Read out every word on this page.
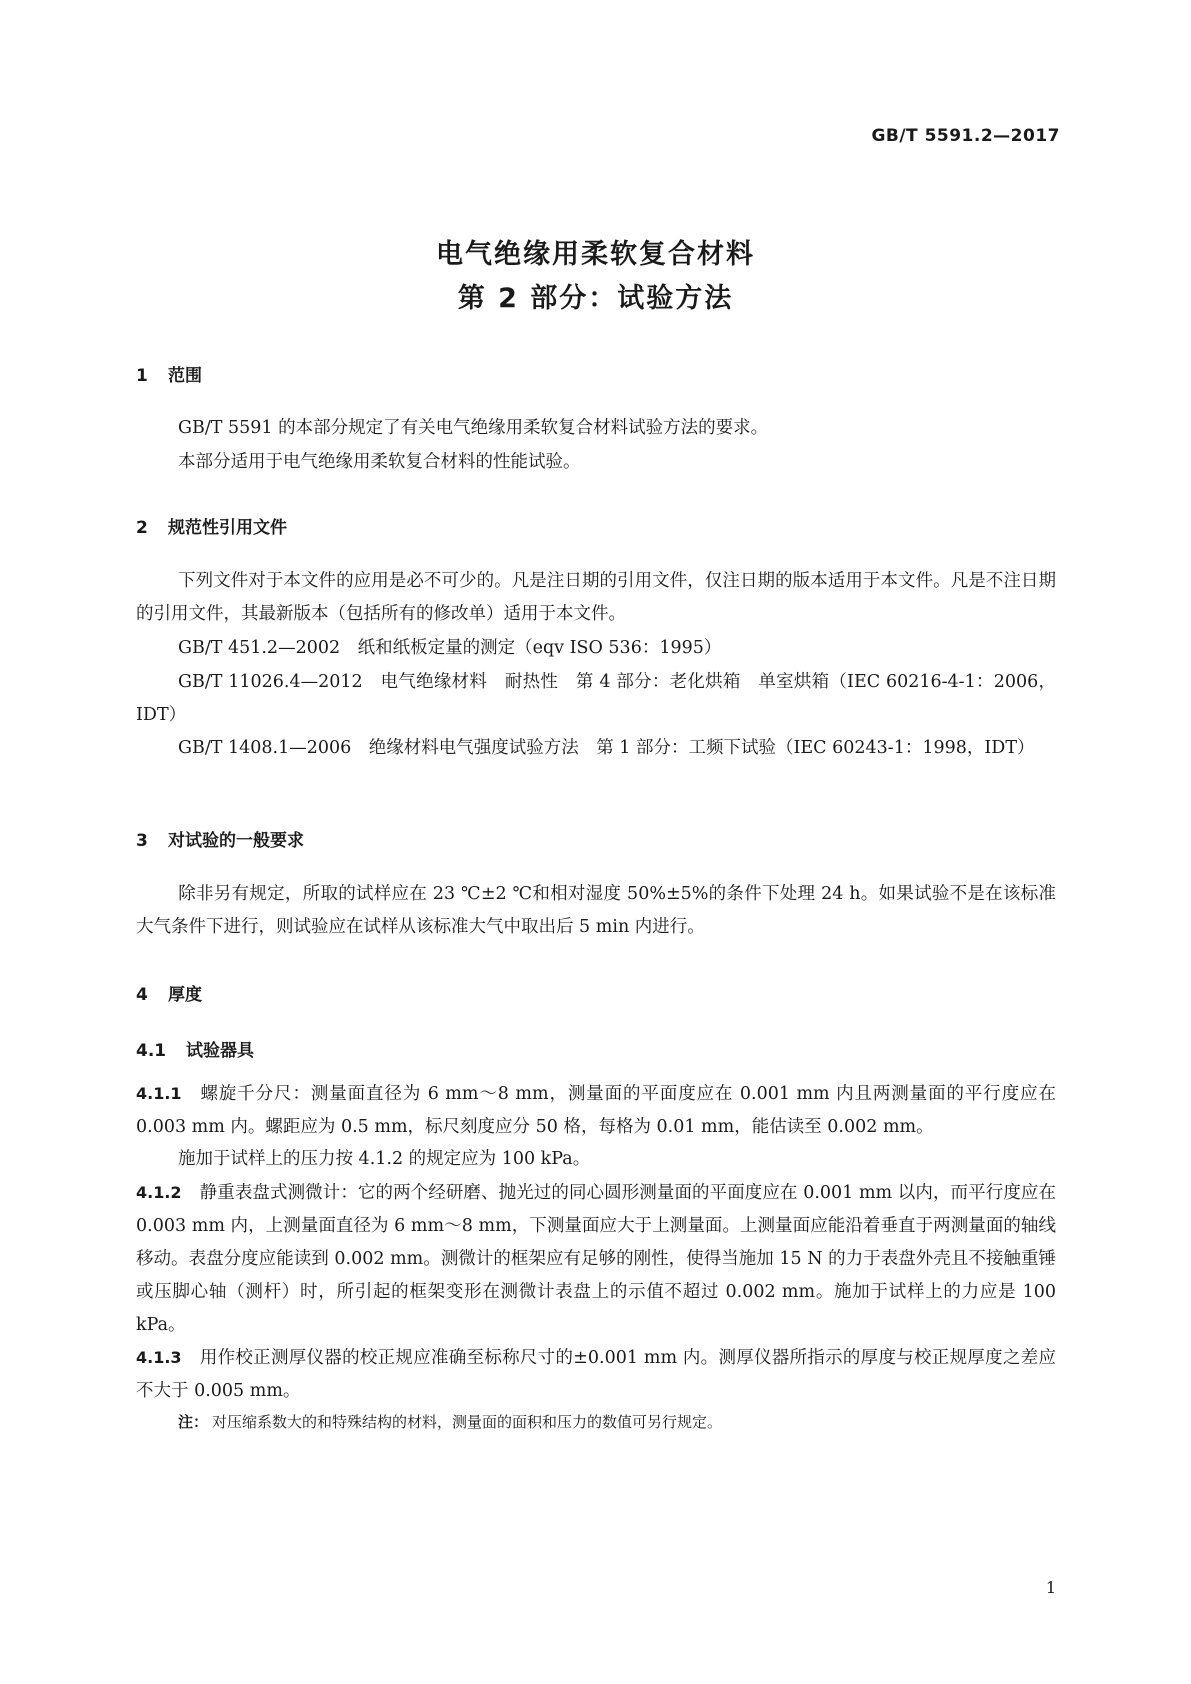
GB/T 5591.2—2017
电气绝缘用柔软复合材料
第 2 部分：试验方法
1 范围
GB/T 5591 的本部分规定了有关电气绝缘用柔软复合材料试验方法的要求。
本部分适用于电气绝缘用柔软复合材料的性能试验。
2 规范性引用文件
下列文件对于本文件的应用是必不可少的。凡是注日期的引用文件，仅注日期的版本适用于本文件。凡是不注日期的引用文件，其最新版本（包括所有的修改单）适用于本文件。
GB/T 451.2—2002　纸和纸板定量的测定（eqv ISO 536：1995）
GB/T 11026.4—2012　电气绝缘材料　耐热性　第 4 部分：老化烘箱　单室烘箱（IEC 60216-4-1：2006，IDT）
GB/T 1408.1—2006　绝缘材料电气强度试验方法　第 1 部分：工频下试验（IEC 60243-1：1998，IDT）
3 对试验的一般要求
除非另有规定，所取的试样应在 23 ℃±2 ℃和相对湿度 50%±5%的条件下处理 24 h。如果试验不是在该标准大气条件下进行，则试验应在试样从该标准大气中取出后 5 min 内进行。
4 厚度
4.1 试验器具
4.1.1 螺旋千分尺：测量面直径为 6 mm～8 mm，测量面的平面度应在 0.001 mm 内且两测量面的平行度应在 0.003 mm 内。螺距应为 0.5 mm，标尺刻度应分 50 格，每格为 0.01 mm，能估读至 0.002 mm。
施加于试样上的压力按 4.1.2 的规定应为 100 kPa。
4.1.2 静重表盘式测微计：它的两个经研磨、抛光过的同心圆形测量面的平面度应在 0.001 mm 以内，而平行度应在 0.003 mm 内，上测量面直径为 6 mm～8 mm，下测量面应大于上测量面。上测量面应能沿着垂直于两测量面的轴线移动。表盘分度应能读到 0.002 mm。测微计的框架应有足够的刚性，使得当施加 15 N 的力于表盘外壳且不接触重锤或压脚心轴（测杆）时，所引起的框架变形在测微计表盘上的示值不超过 0.002 mm。施加于试样上的力应是 100 kPa。
4.1.3 用作校正测厚仪器的校正规应准确至标称尺寸的±0.001 mm 内。测厚仪器所指示的厚度与校正规厚度之差应不大于 0.005 mm。
注： 对压缩系数大的和特殊结构的材料，测量面的面积和压力的数值可另行规定。
1
